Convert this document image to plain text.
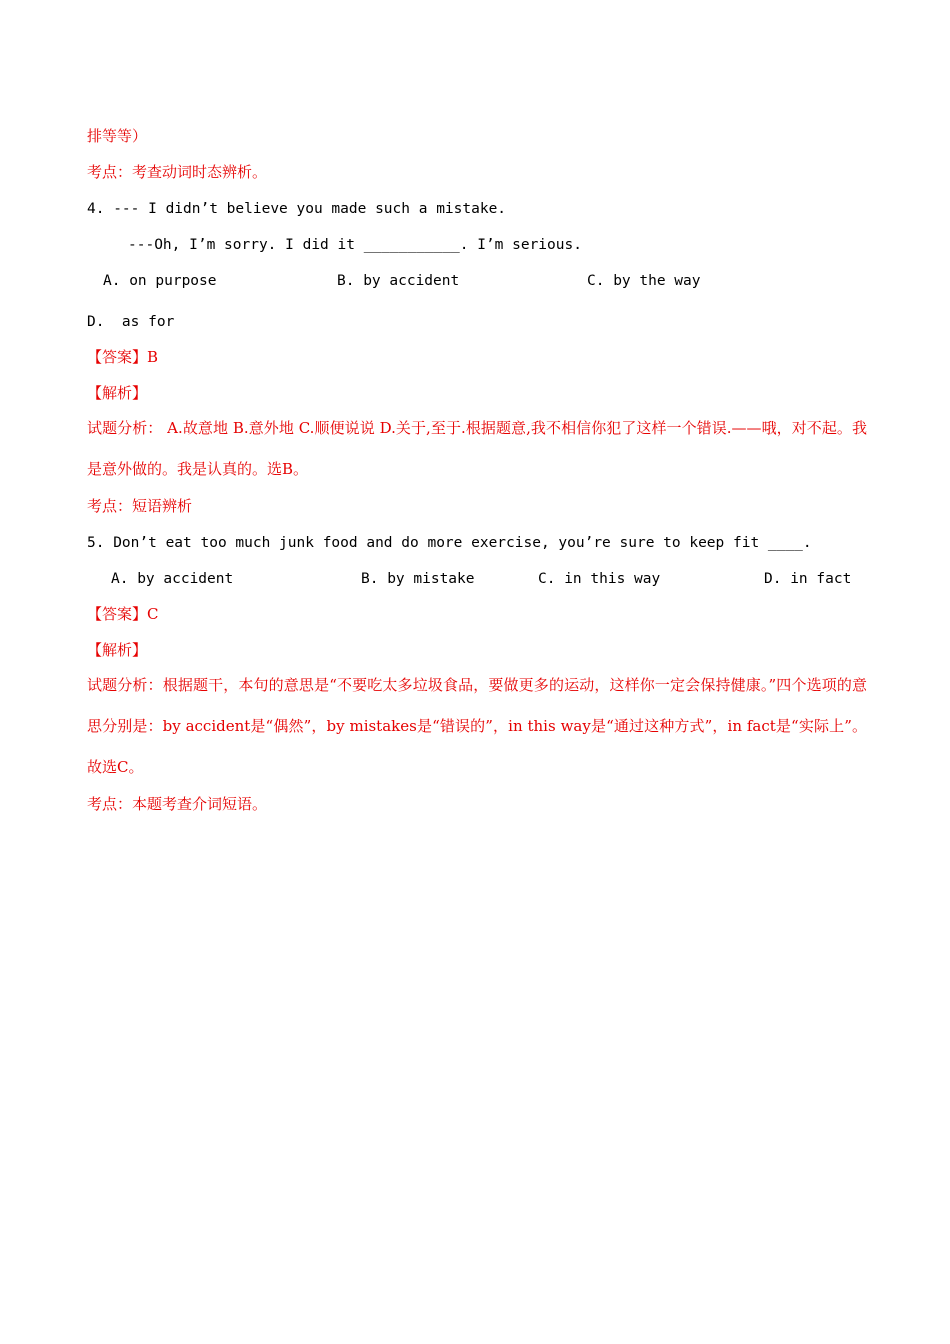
排等等）
考点：考查动词时态辨析。
4. --- I didn’t believe you made such a mistake.
---Oh, I’m sorry. I did it ___________. I’m serious.
A. on purpose	B. by accident	C. by the way
D.  as for
【答案】B
【解析】
试题分析： A.故意地 B.意外地 C.顺便说说 D.关于,至于.根据题意,我不相信你犯了这样一个错误.——哦，对不起。我是意外做的。我是认真的。选B。
考点：短语辨析
5. Don’t eat too much junk food and do more exercise, you’re sure to keep fit ____.
A. by accident	B. by mistake	C. in this way	D. in fact
【答案】C
【解析】
试题分析：根据题干，本句的意思是“不要吃太多垃圾食品，要做更多的运动，这样你一定会保持健康。”四个选项的意思分别是：by accident是“偶然”，by mistakes是“错误的”，in this way是“通过这种方式”，in fact是“实际上”。故选C。
考点：本题考查介词短语。
